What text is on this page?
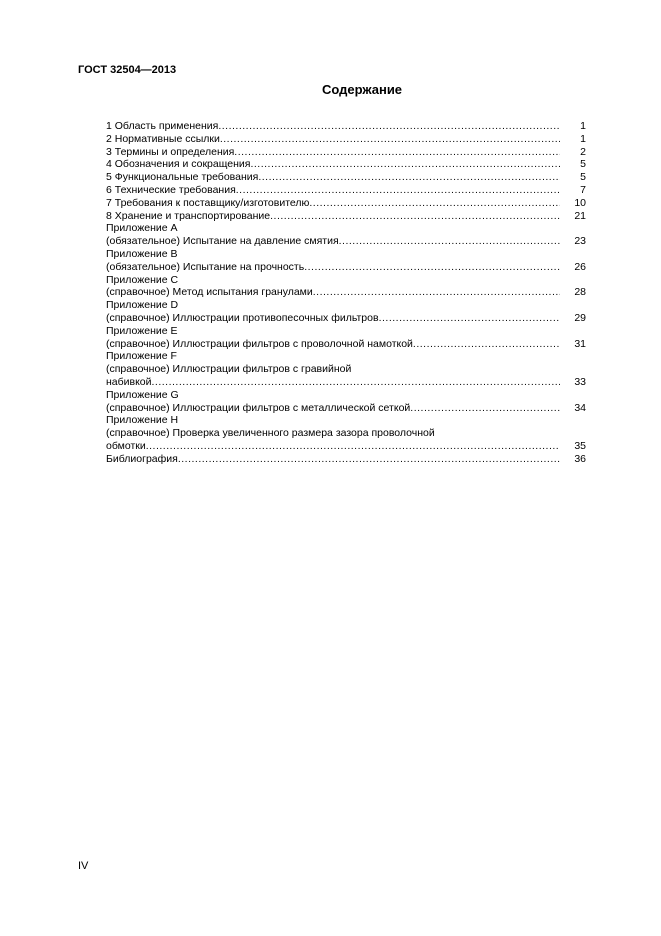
ГОСТ 32504—2013
Содержание
1 Область применения .....	1
2 Нормативные ссылки .....	1
3 Термины и определения .....	2
4 Обозначения и сокращения .....	5
5 Функциональные требования .....	5
6 Технические требования .....	7
7 Требования к поставщику/изготовителю .....	10
8 Хранение и транспортирование .....	21
Приложение А
(обязательное) Испытание на давление смятия .....	23
Приложение В
(обязательное) Испытание на прочность .....	26
Приложение С
(справочное) Метод испытания гранулами .....	28
Приложение D
(справочное) Иллюстрации противопесочных фильтров .....	29
Приложение Е
(справочное) Иллюстрации фильтров с проволочной намоткой .....	31
Приложение F
(справочное) Иллюстрации фильтров с гравийной
набивкой .....	33
Приложение G
(справочное) Иллюстрации фильтров с металлической сеткой .....	34
Приложение Н
(справочное) Проверка увеличенного размера зазора проволочной
обмотки .....	35
Библиография .....	36
IV
